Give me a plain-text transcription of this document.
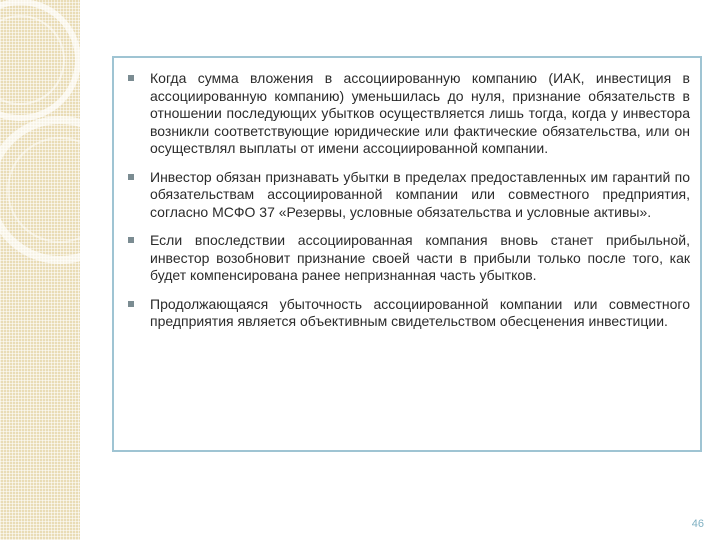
Когда сумма вложения в ассоциированную компанию (ИАК, инвестиция в ассоциированную компанию) уменьшилась до нуля, признание обязательств в отношении последующих убытков осуществляется лишь тогда, когда у инвестора возникли соответствующие юридические или фактические обязательства, или он осуществлял выплаты от имени ассоциированной компании.
Инвестор обязан признавать убытки в пределах предоставленных им гарантий по обязательствам ассоциированной компании или совместного предприятия, согласно МСФО 37 «Резервы, условные обязательства и условные активы».
Если впоследствии ассоциированная компания вновь станет прибыльной, инвестор возобновит признание своей части в прибыли только после того, как будет компенсирована ранее непризнанная часть убытков.
Продолжающаяся убыточность ассоциированной компании или совместного предприятия является объективным свидетельством обесценения инвестиции.
46
